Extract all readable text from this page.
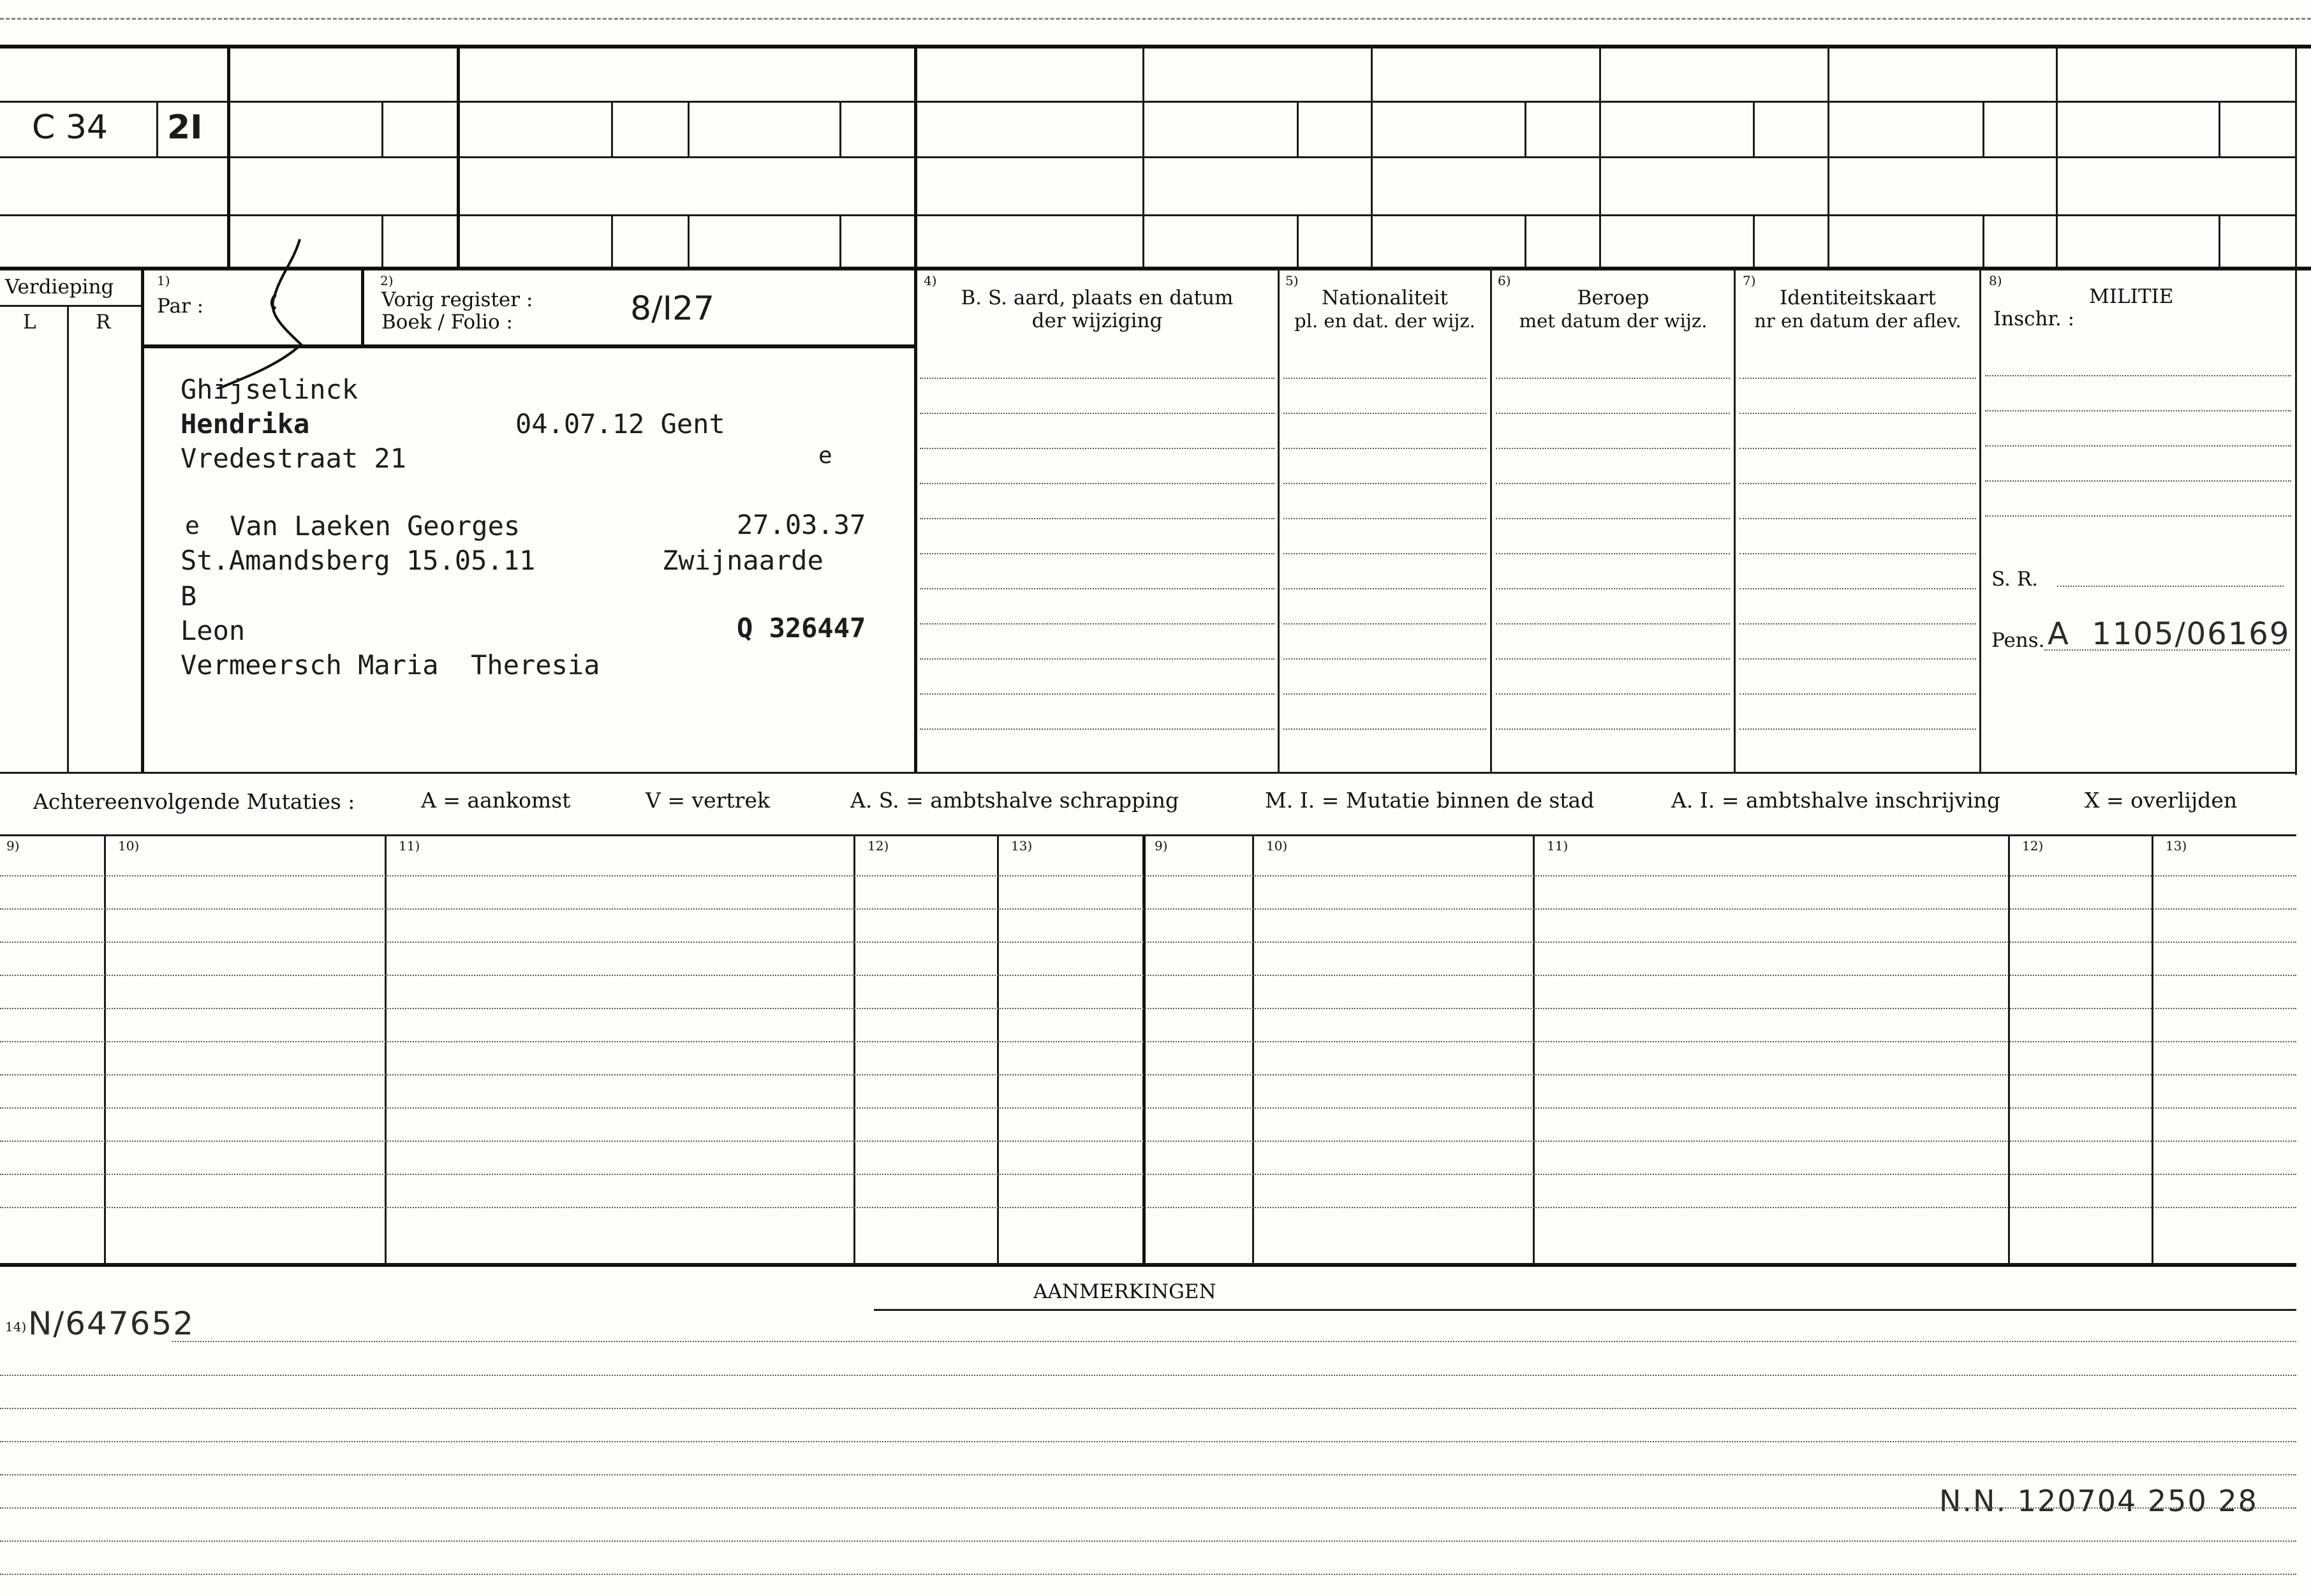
C 34 2I
Verdieping
L	R
1)
Par :
2)
Vorig register :
Boek / Folio :	8/I27
4)
B. S. aard, plaats en datum
der wijziging
5)
Nationaliteit
pl. en dat. der wijz.
6)
Beroep
met datum der wijz.
7)
Identiteitskaart
nr en datum der aflev.
8)
MILITIE
Inschr. :
Ghijselinck
Hendrika	04.07.12 Gent
Vredestraat 21	e
e Van Laeken Georges	27.03.37
St.Amandsberg 15.05.11	Zwijnaarde
B
Leon	Q 326447
Vermeersch Maria  Theresia
S. R.
Pens. A  1105/06169
Achtereenvolgende Mutaties :	A = aankomst	V = vertrek	A. S. = ambtshalve schrapping	M. I. = Mutatie binnen de stad	A. I. = ambtshalve inschrijving	X = overlijden
9)	10)	11)	12)	13)	9)	10)	11)	12)	13)
AANMERKINGEN
14) N/647652
N.N. 120704 250 28
